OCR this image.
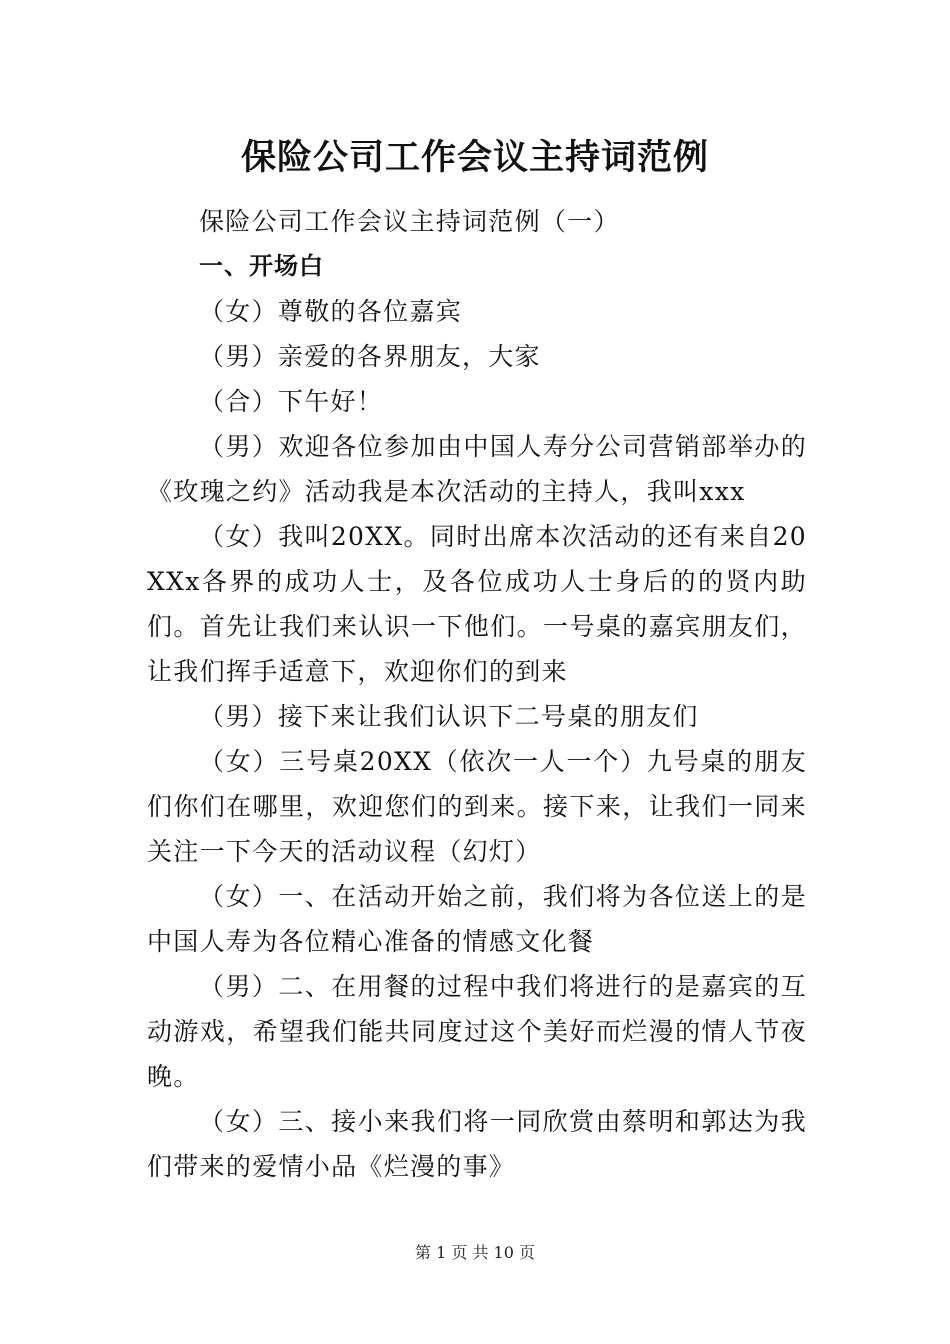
保险公司工作会议主持词范例

保险公司工作会议主持词范例（一）

一、开场白

（女）尊敬的各位嘉宾

（男）亲爱的各界朋友，大家

（合）下午好！

（男）欢迎各位参加由中国人寿分公司营销部举办的《玫瑰之约》活动我是本次活动的主持人，我叫xxx

（女）我叫20XX。同时出席本次活动的还有来自20XXx各界的成功人士，及各位成功人士身后的的贤内助们。首先让我们来认识一下他们。一号桌的嘉宾朋友们，让我们挥手适意下，欢迎你们的到来

（男）接下来让我们认识下二号桌的朋友们

（女）三号桌20XX（依次一人一个）九号桌的朋友们你们在哪里，欢迎您们的到来。接下来，让我们一同来关注一下今天的活动议程（幻灯）

（女）一、在活动开始之前，我们将为各位送上的是中国人寿为各位精心准备的情感文化餐

（男）二、在用餐的过程中我们将进行的是嘉宾的互动游戏，希望我们能共同度过这个美好而烂漫的情人节夜晚。

（女）三、接小来我们将一同欣赏由蔡明和郭达为我们带来的爱情小品《烂漫的事》

第 1 页 共 10 页
